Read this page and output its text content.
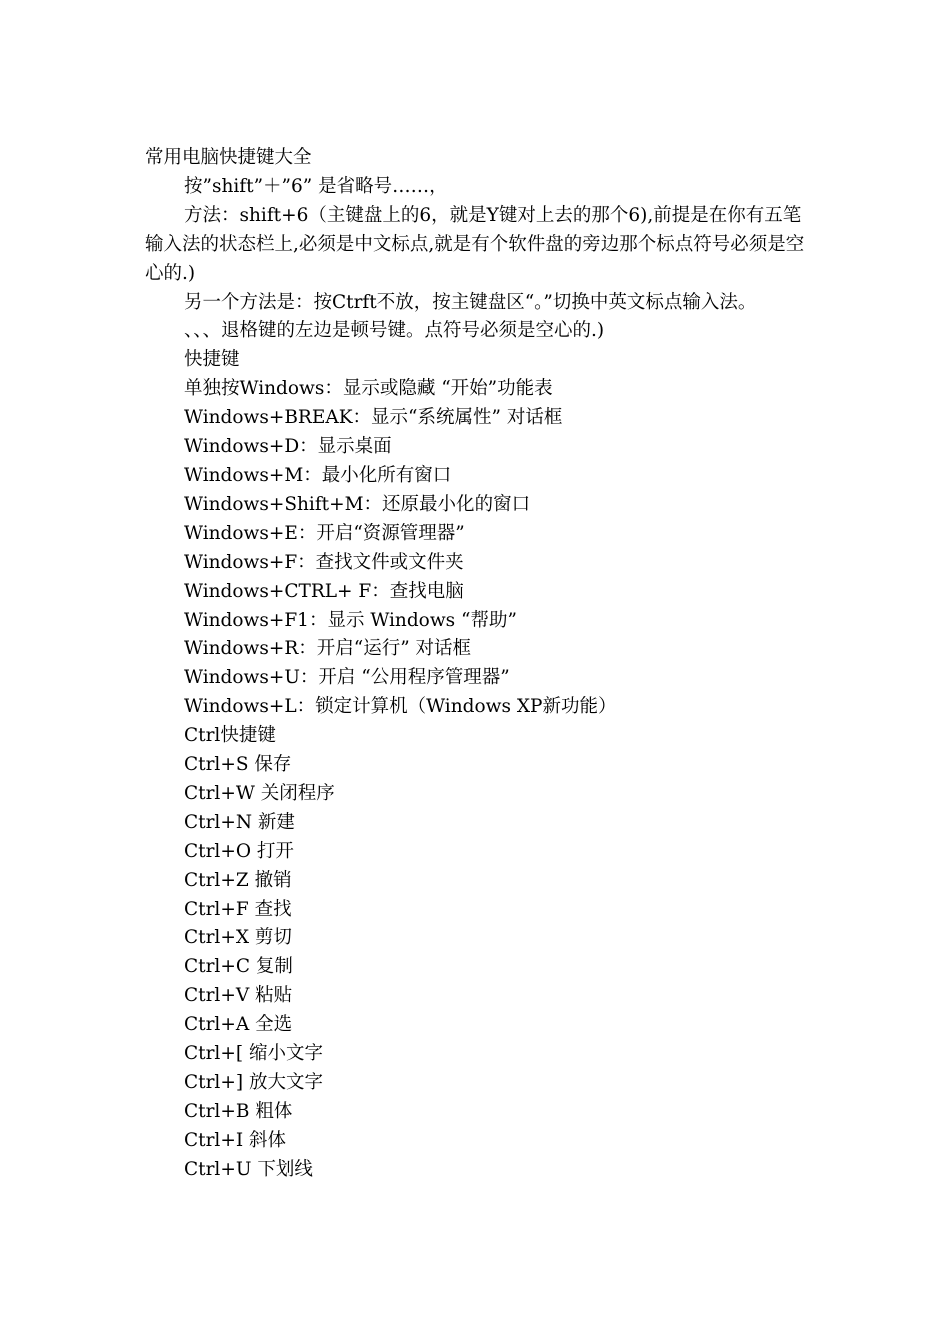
常用电脑快捷键大全

按”shift”＋”6” 是省略号……，

方法：shift+6（主键盘上的6，就是Y键对上去的那个6),前提是在你有五笔输入法的状态栏上,必须是中文标点,就是有个软件盘的旁边那个标点符号必须是空心的.)

另一个方法是：按Ctrft不放，按主键盘区“。”切换中英文标点输入法。

、、、退格键的左边是顿号键。点符号必须是空心的.)

快捷键
单独按Windows：显示或隐藏 “开始”功能表
Windows+BREAK：显示“系统属性” 对话框
Windows+D：显示桌面
Windows+M：最小化所有窗口
Windows+Shift+M：还原最小化的窗口
Windows+E：开启“资源管理器”
Windows+F：查找文件或文件夹
Windows+CTRL+ F：查找电脑
Windows+F1：显示 Windows “帮助”
Windows+R：开启“运行” 对话框
Windows+U：开启 “公用程序管理器”
Windows+L：锁定计算机（Windows XP新功能）
Ctrl快捷键
Ctrl+S 保存
Ctrl+W 关闭程序
Ctrl+N 新建
Ctrl+O 打开
Ctrl+Z 撤销
Ctrl+F 查找
Ctrl+X 剪切
Ctrl+C 复制
Ctrl+V 粘贴
Ctrl+A 全选
Ctrl+[ 缩小文字
Ctrl+] 放大文字
Ctrl+B 粗体
Ctrl+I 斜体
Ctrl+U 下划线
